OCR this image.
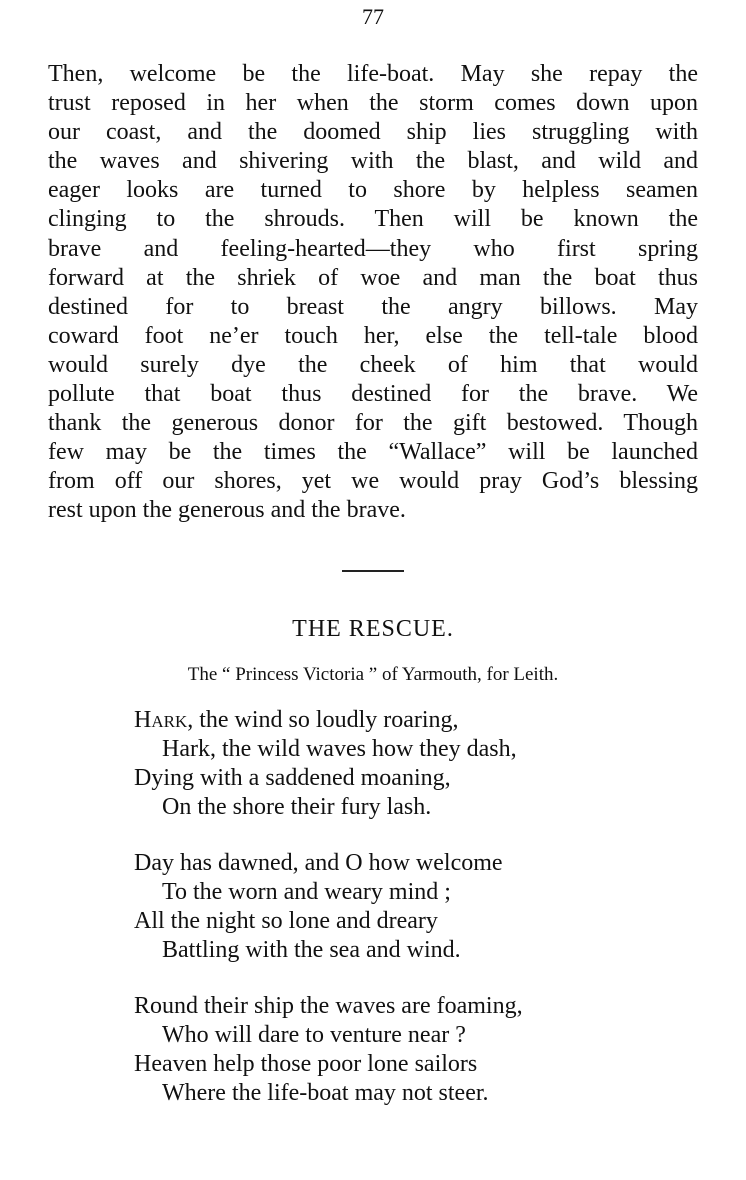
77
Then, welcome be the life-boat. May she repay the
trust reposed in her when the storm comes down upon
our coast, and the doomed ship lies struggling with
the waves and shivering with the blast, and wild and
eager looks are turned to shore by helpless seamen
clinging to the shrouds. Then will be known the
brave and feeling-hearted—they who first spring
forward at the shriek of woe and man the boat thus
destined for to breast the angry billows. May
coward foot ne’er touch her, else the tell-tale blood
would surely dye the cheek of him that would
pollute that boat thus destined for the brave. We
thank the generous donor for the gift bestowed. Though
few may be the times the “Wallace” will be launched
from off our shores, yet we would pray God’s blessing
rest upon the generous and the brave.
THE RESCUE.
The “ Princess Victoria ” of Yarmouth, for Leith.
Hark, the wind so loudly roaring,
Hark, the wild waves how they dash,
Dying with a saddened moaning,
On the shore their fury lash.
Day has dawned, and O how welcome
To the worn and weary mind ;
All the night so lone and dreary
Battling with the sea and wind.
Round their ship the waves are foaming,
Who will dare to venture near ?
Heaven help those poor lone sailors
Where the life-boat may not steer.
